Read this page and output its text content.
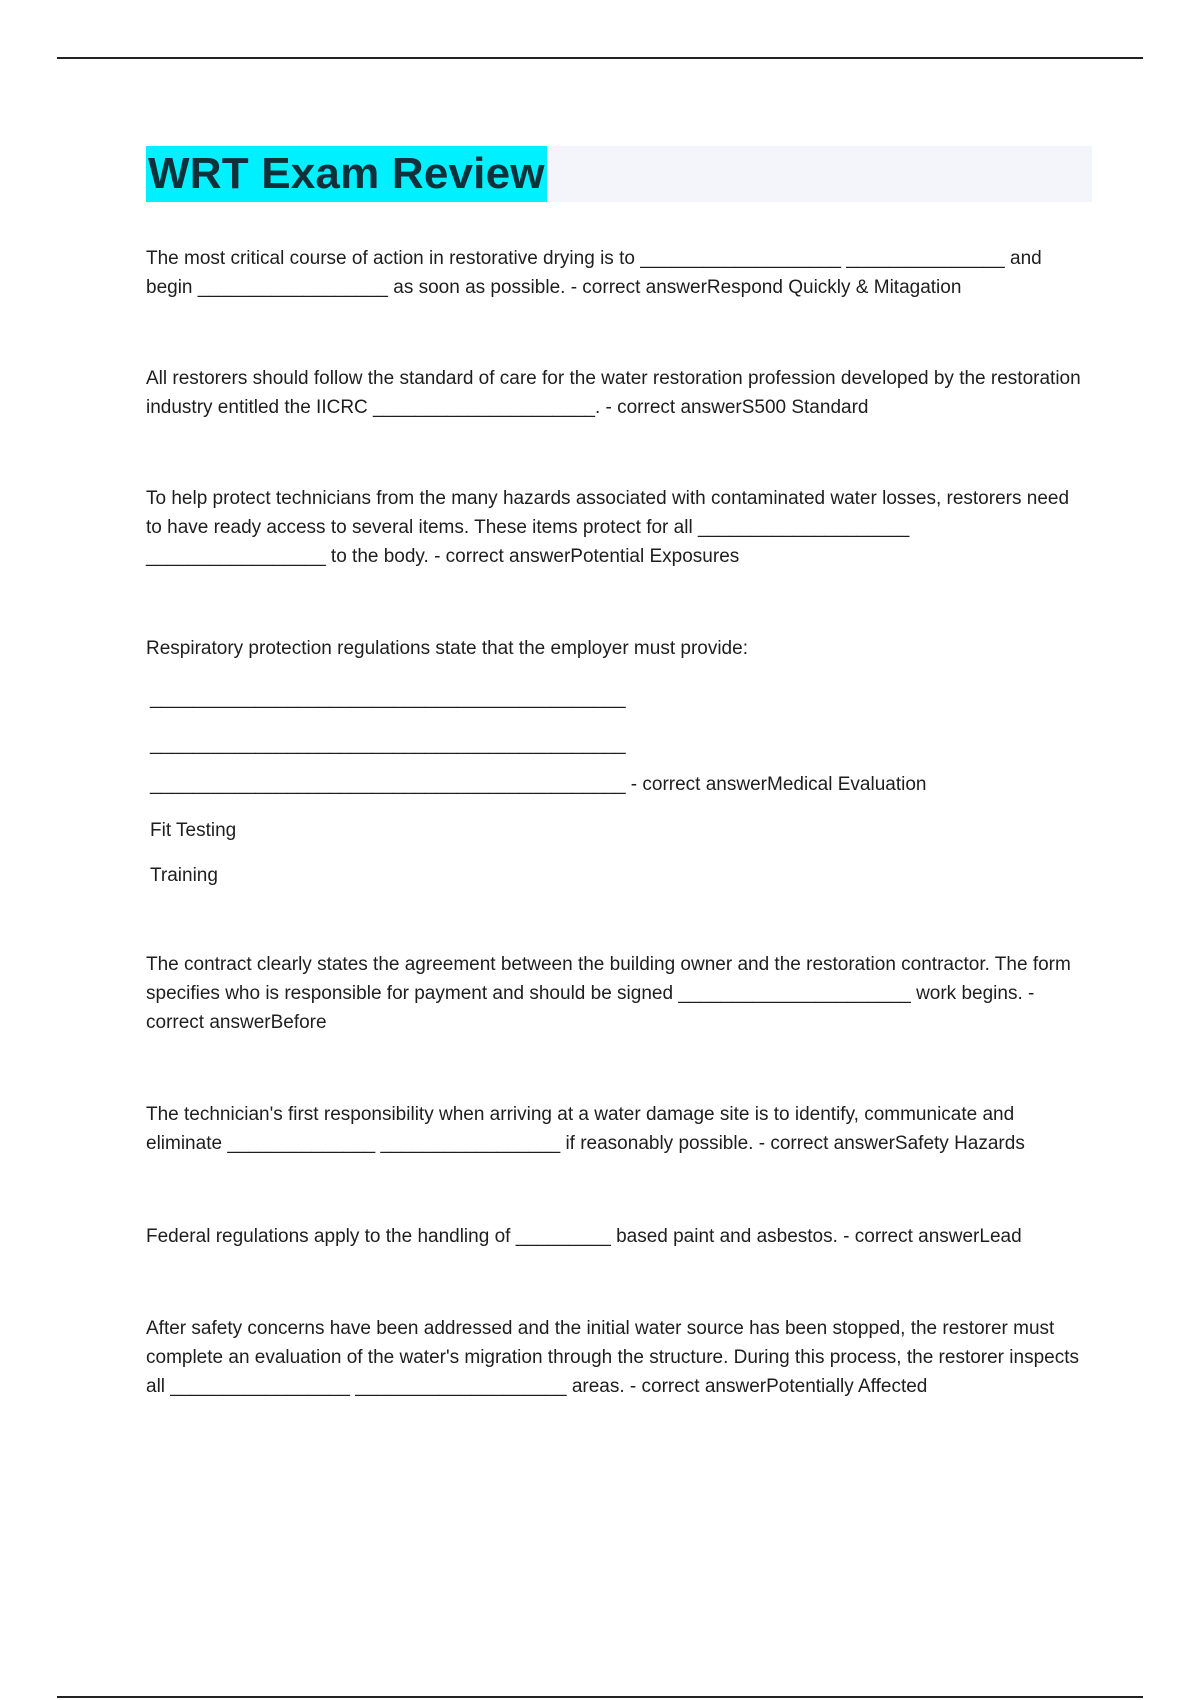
WRT Exam Review

The most critical course of action in restorative drying is to ___________________ _______________ and begin __________________ as soon as possible. - correct answerRespond Quickly & Mitagation

All restorers should follow the standard of care for the water restoration profession developed by the restoration industry entitled the IICRC _____________________. - correct answerS500 Standard

To help protect technicians from the many hazards associated with contaminated water losses, restorers need to have ready access to several items. These items protect for all ____________________ _________________ to the body. - correct answerPotential Exposures

Respiratory protection regulations state that the employer must provide:

_____________________________________________
_____________________________________________
_____________________________________________ - correct answerMedical Evaluation
Fit Testing
Training

The contract clearly states the agreement between the building owner and the restoration contractor. The form specifies who is responsible for payment and should be signed ______________________ work begins. - correct answerBefore

The technician's first responsibility when arriving at a water damage site is to identify, communicate and eliminate ______________ _________________ if reasonably possible. - correct answerSafety Hazards

Federal regulations apply to the handling of _________ based paint and asbestos. - correct answerLead

After safety concerns have been addressed and the initial water source has been stopped, the restorer must complete an evaluation of the water's migration through the structure. During this process, the restorer inspects all _________________ ____________________ areas. - correct answerPotentially Affected
